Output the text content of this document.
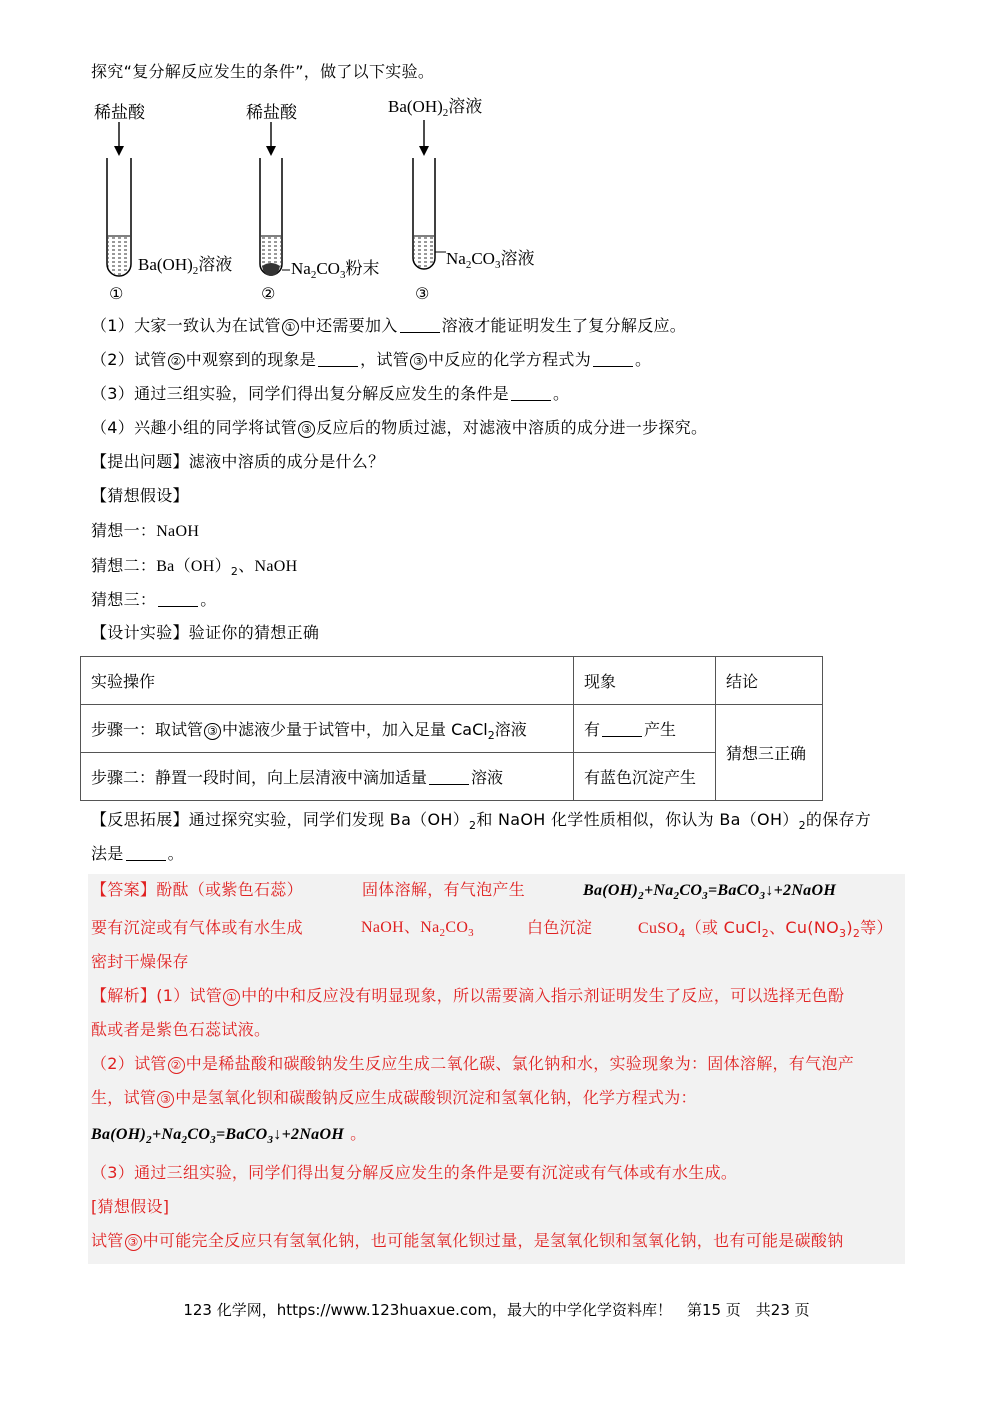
探究“复分解反应发生的条件”，做了以下实验。
稀盐酸
$Ba(OH)_2$溶液
①
稀盐酸
$Na_2CO_3$粉末
②
$Ba(OH)_2$溶液
$Na_2CO_3$溶液
③
（1）大家一致认为在试管 ① 中还需要加入	溶液才能证明发生了复分解反应。
（2）试管 ② 中观察到的现象是	，试管 ③ 中反应的化学方程式为	。
（3）通过三组实验，同学们得出复分解反应发生的条件是	。
（4）兴趣小组的同学将试管 ③ 反应后的物质过滤，对滤液中溶质的成分进一步探究。
【提出问题】滤液中溶质的成分是什么？
【猜想假设】
猜想一：NaOH
猜想二：$Ba(OH)_2$、NaOH
猜想三：	。
【设计实验】验证你的猜想正确
实验操作	现象	结论
步骤一：取试管 ③ 中滤液少量于试管中，加入足量 CaCl$_2$溶液	有 产生	猜想三正确
步骤二：静置一段时间，向上层清液中滴加适量 溶液	有蓝色沉淀产生	
【反思拓展】通过探究实验，同学们发现 $Ba(OH)_2$和 NaOH 化学性质相似，你认为 $Ba(OH)_2$的保存方
法是	。
【答案】酚酞（或紫色石蕊）	固体溶解，有气泡产生	$Ba(OH)_2+Na_2CO_3=BaCO_3↓+2NaOH$
要有沉淀或有气体或有水生成	NaOH、$Na_2CO_3$	白色沉淀	CuSO$_4$（或 CuCl$_2$、$Cu(NO_3)_2$等）
密封干燥保存
【解析】(1）试管 ① 中的中和反应没有明显现象，所以需要滴入指示剂证明发生了反应，可以选择无色酚
酞或者是紫色石蕊试液。
（2）试管 ② 中是稀盐酸和碳酸钠发生反应生成二氧化碳、氯化钠和水，实验现象为：固体溶解，有气泡产
生，试管 ③ 中是氢氧化钡和碳酸钠反应生成碳酸钡沉淀和氢氧化钠，化学方程式为：
$Ba(OH)_2+Na_2CO_3=BaCO_3↓+2NaOH$ 。
（3）通过三组实验，同学们得出复分解反应发生的条件是要有沉淀或有气体或有水生成。
[猜想假设]
试管 ③ 中可能完全反应只有氢氧化钠，也可能氢氧化钡过量，是氢氧化钡和氢氧化钠，也有可能是碳酸钠
123 化学网，https://www.123huaxue.com，最大的中学化学资料库！　第15 页　共23 页
